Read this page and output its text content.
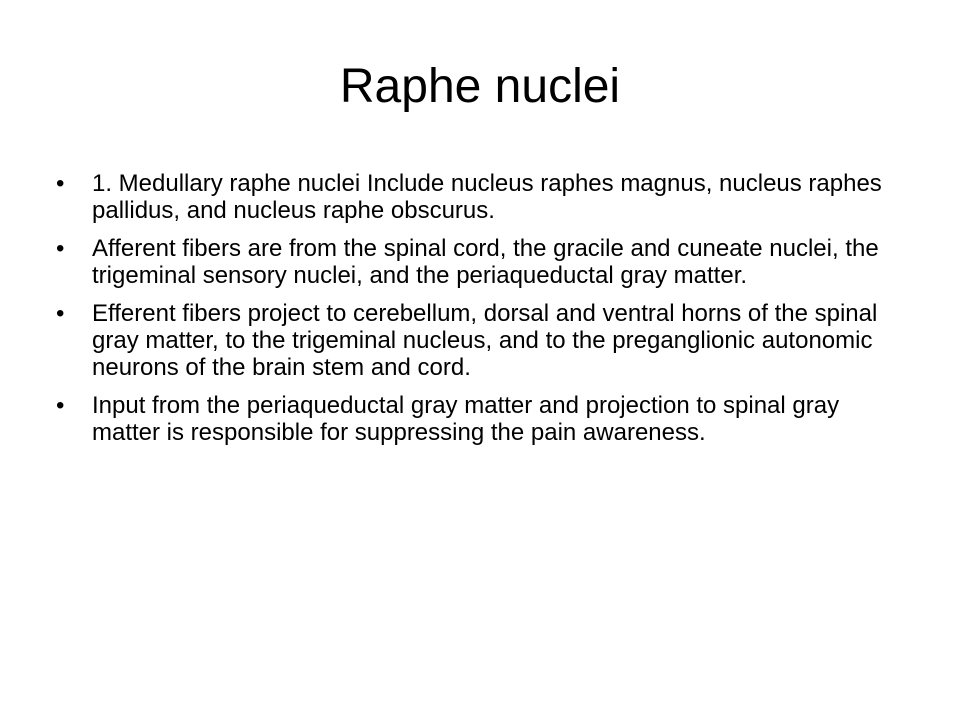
Raphe nuclei
• 1. Medullary raphe nuclei Include nucleus raphes magnus, nucleus raphes pallidus, and nucleus raphe obscurus.
• Afferent fibers are from the spinal cord, the gracile and cuneate nuclei, the trigeminal sensory nuclei, and the periaqueductal gray matter.
• Efferent fibers project to cerebellum, dorsal and ventral horns of the spinal gray matter, to the trigeminal nucleus, and to the preganglionic autonomic neurons of the brain stem and cord.
• Input from the periaqueductal gray matter and projection to spinal gray matter is responsible for suppressing the pain awareness.
